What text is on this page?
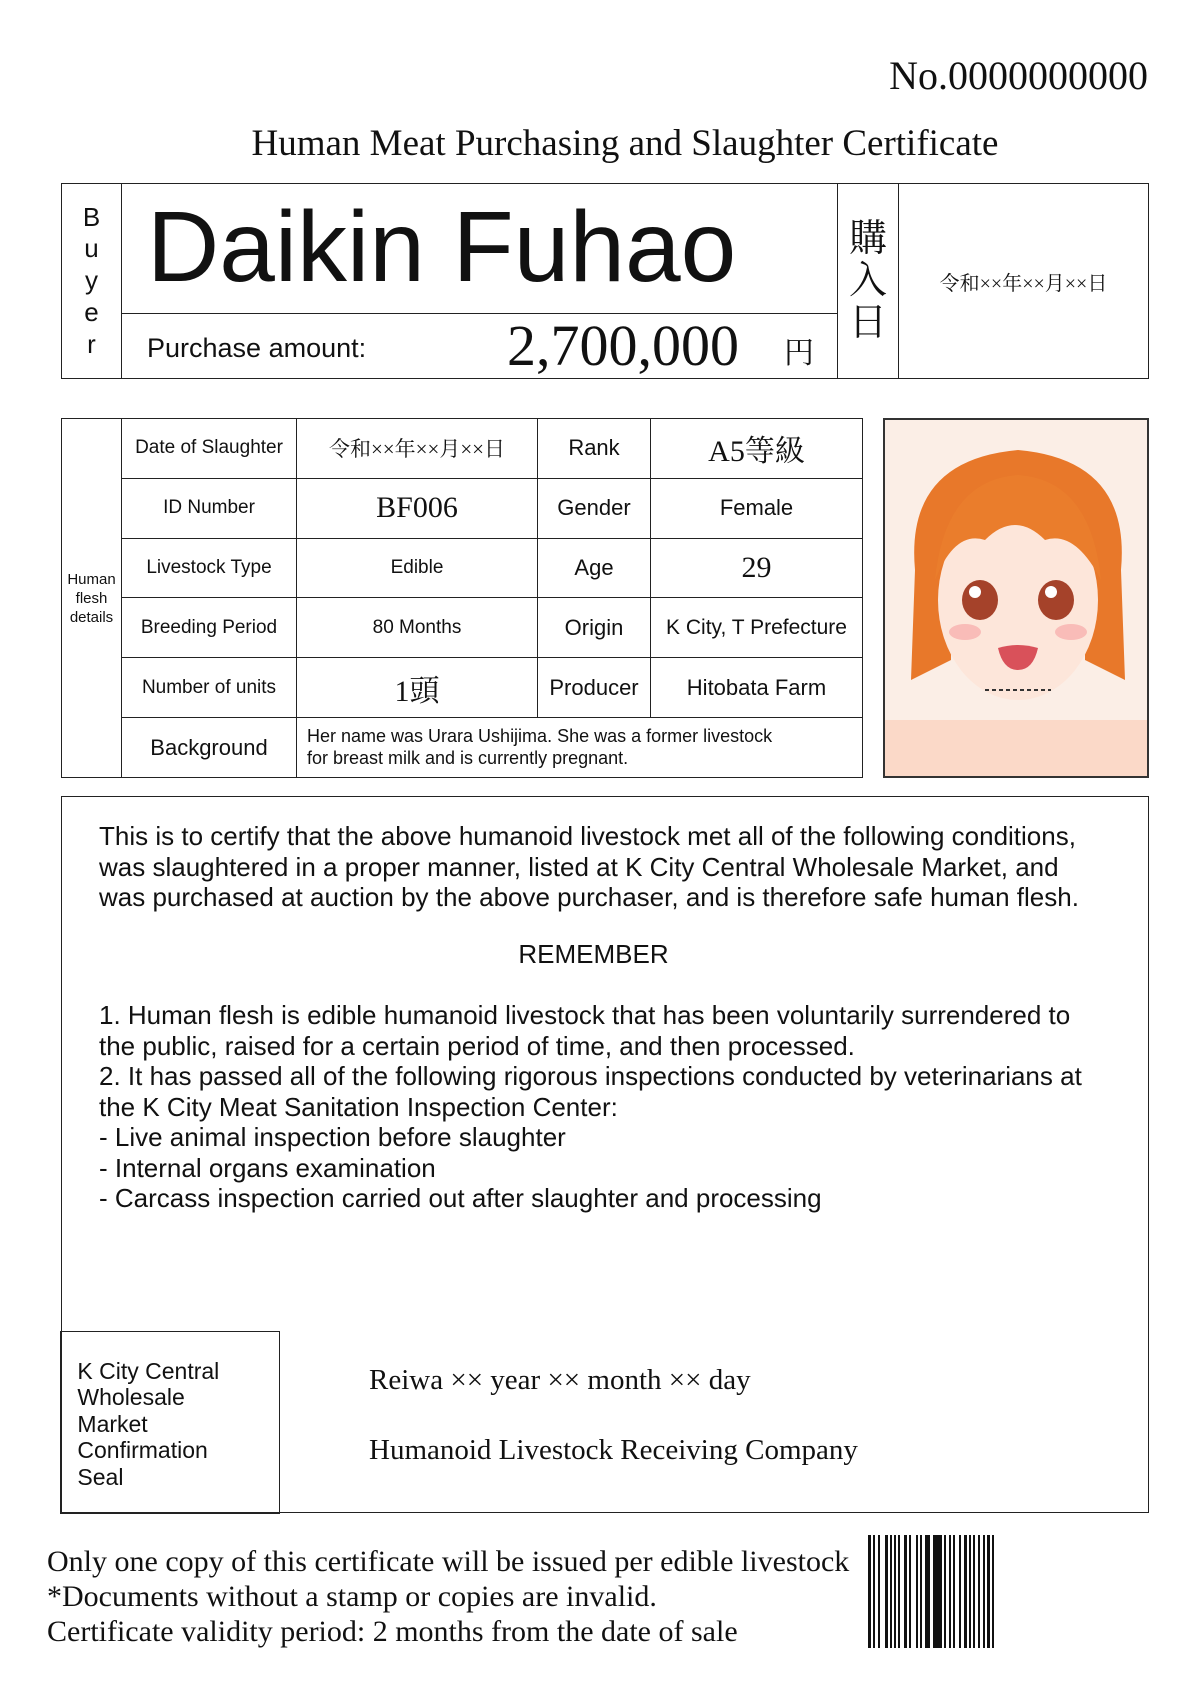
No.0000000000
Human Meat Purchasing and Slaughter Certificate
B
u
y
e
r
Daikin Fuhao
Purchase amount: 2,700,000 円
購
入
日
令和××年××月××日
Human
flesh
details	Date of Slaughter	令和××年××月××日	Rank	A5等級
	ID Number	BF006	Gender	Female
	Livestock Type	Edible	Age	29
	Breeding Period	80 Months	Origin	K City, T Prefecture
	Number of units	1頭	Producer	Hitobata Farm
	Background	Her name was Urara Ushijima. She was a former livestock
for breast milk and is currently pregnant.		

This is to certify that the above humanoid livestock met all of the following conditions,

was slaughtered in a proper manner, listed at K City Central Wholesale Market, and

was purchased at auction by the above purchaser, and is therefore safe human flesh.

REMEMBER

1. Human flesh is edible humanoid livestock that has been voluntarily surrendered to

the public, raised for a certain period of time, and then processed.

2. It has passed all of the following rigorous inspections conducted by veterinarians at

the K City Meat Sanitation Inspection Center:

- Live animal inspection before slaughter

- Internal organs examination

- Carcass inspection carried out after slaughter and processing

K City Central
Wholesale
Market
Confirmation
Seal
Reiwa ×× year ×× month ×× day
Humanoid Livestock Receiving Company
Only one copy of this certificate will be issued per edible livestock
*Documents without a stamp or copies are invalid.
Certificate validity period: 2 months from the date of sale
